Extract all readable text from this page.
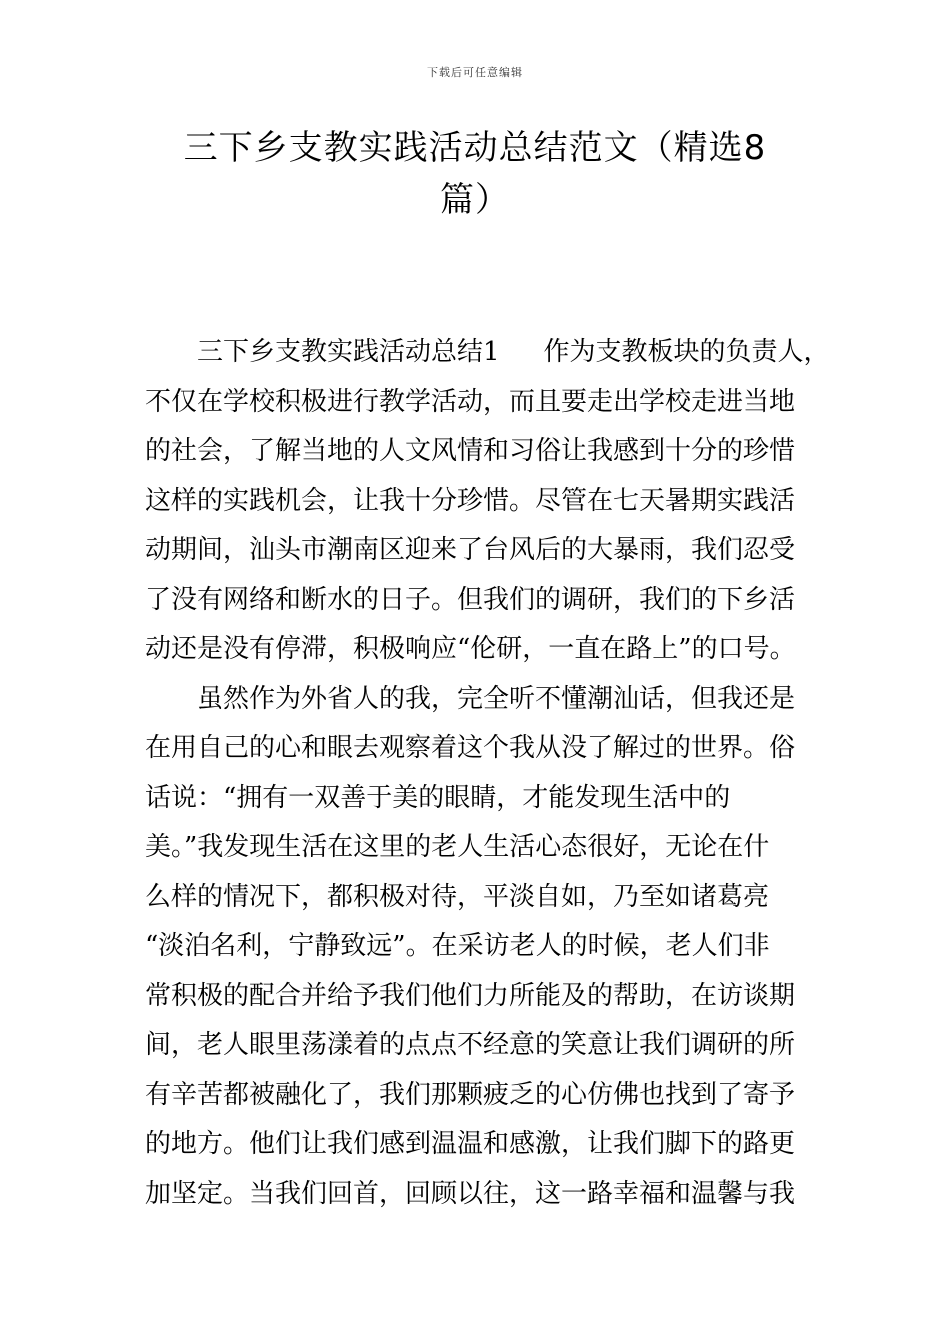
下载后可任意编辑
三下乡支教实践活动总结范文（精选8
篇）
三下乡支教实践活动总结1 作为支教板块的负责人，
不仅在学校积极进行教学活动，而且要走出学校走进当地
的社会，了解当地的人文风情和习俗让我感到十分的珍惜
这样的实践机会，让我十分珍惜。尽管在七天暑期实践活
动期间，汕头市潮南区迎来了台风后的大暴雨，我们忍受
了没有网络和断水的日子。但我们的调研，我们的下乡活
动还是没有停滞，积极响应“伦研，一直在路上”的口号。
虽然作为外省人的我，完全听不懂潮汕话，但我还是
在用自己的心和眼去观察着这个我从没了解过的世界。俗
话说：“拥有一双善于美的眼睛，才能发现生活中的
美。”我发现生活在这里的老人生活心态很好，无论在什
么样的情况下，都积极对待，平淡自如，乃至如诸葛亮
“淡泊名利，宁静致远”。在采访老人的时候，老人们非
常积极的配合并给予我们他们力所能及的帮助，在访谈期
间，老人眼里荡漾着的点点不经意的笑意让我们调研的所
有辛苦都被融化了，我们那颗疲乏的心仿佛也找到了寄予
的地方。他们让我们感到温温和感激，让我们脚下的路更
加坚定。当我们回首，回顾以往，这一路幸福和温馨与我
